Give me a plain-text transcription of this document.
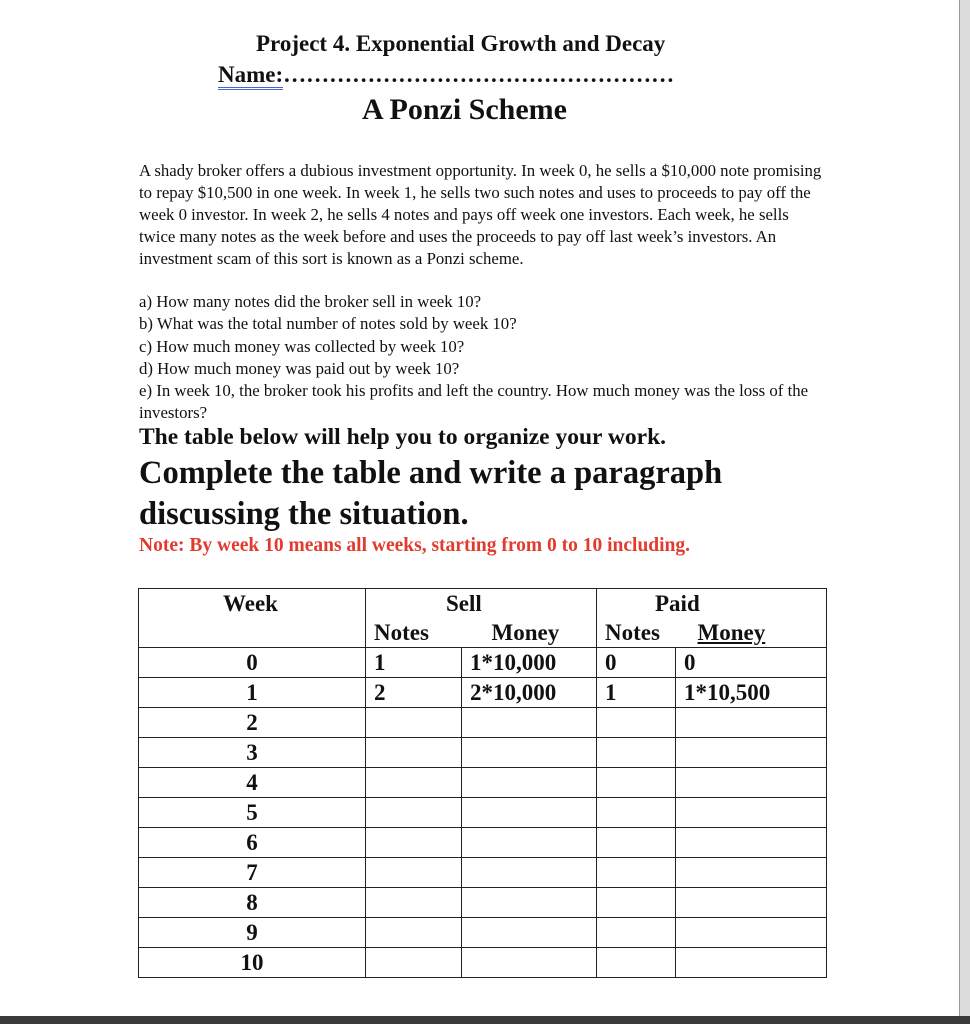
Project 4. Exponential Growth and Decay
Name:……………………………………………
A Ponzi Scheme

A shady broker offers a dubious investment opportunity. In week 0, he sells a $10,000 note promising to repay $10,500 in one week. In week 1, he sells two such notes and uses to proceeds to pay off the week 0 investor. In week 2, he sells 4 notes and pays off week one investors. Each week, he sells twice many notes as the week before and uses the proceeds to pay off last week’s investors. An investment scam of this sort is known as a Ponzi scheme.

a) How many notes did the broker sell in week 10?
b) What was the total number of notes sold by week 10?
c) How much money was collected by week 10?
d) How much money was paid out by week 10?
e) In week 10, the broker took his profits and left the country. How much money was the loss of the investors?
The table below will help you to organize your work.
Complete the table and write a paragraph discussing the situation.
Note: By week 10 means all weeks, starting from 0 to 10 including.
Week	Sell		Paid	
	Notes	Money	Notes	Money
0	1	1*10,000	0	0
1	2	2*10,000	1	1*10,500
2				
3				
4				
5				
6				
7				
8				
9				
10				
